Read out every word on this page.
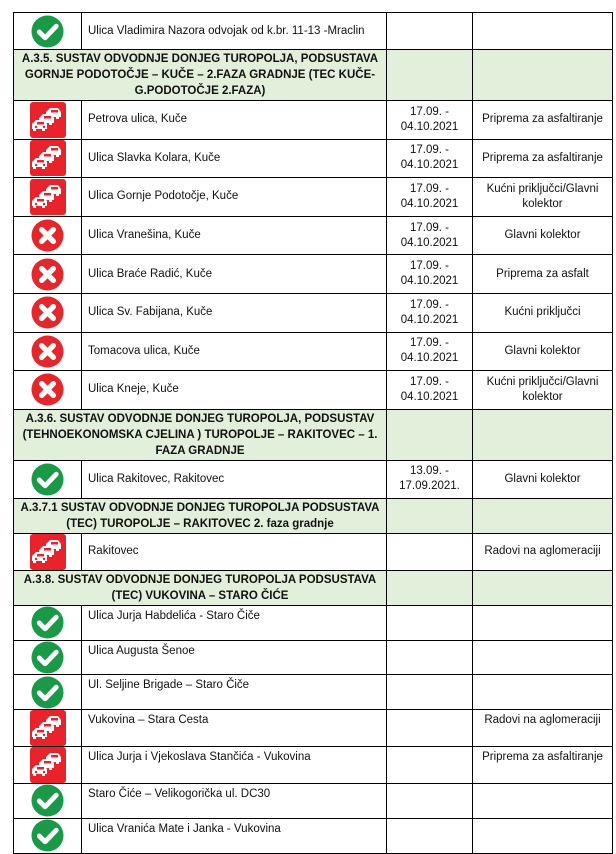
	Ulica Vladimira Nazora odvojak od k.br. 11-13 -Mraclin	

A.3.5. SUSTAV ODVODNJE DONJEG TUROPOLJA, PODSUSTAVA GORNJE PODOTOČJE – KUČE – 2.FAZA GRADNJE (TEC KUČE-G.PODOTOČJE 2.FAZA)			

	Petrova ulica, Kuče	17.09. -
04.10.2021	Priprema za asfaltiranje

	Ulica Slavka Kolara, Kuče	17.09. -
04.10.2021	Priprema za asfaltiranje

	Ulica Gornje Podotočje, Kuče	17.09. -
04.10.2021	Kućni priključci/Glavni kolektor

	Ulica Vranešina, Kuče	17.09. -
04.10.2021	Glavni kolektor

	Ulica Braće Radić, Kuče	17.09. -
04.10.2021	Priprema za asfalt

	Ulica Sv. Fabijana, Kuče	17.09. -
04.10.2021	Kućni priključci

	Tomacova ulica, Kuče	17.09. -
04.10.2021	Glavni kolektor

	Ulica Kneje, Kuče	17.09. -
04.10.2021	Kućni priključci/Glavni kolektor
A.3.6. SUSTAV ODVODNJE DONJEG TUROPOLJA, PODSUSTAV (TEHNOEKONOMSKA CJELINA ) TUROPOLJE – RAKITOVEC – 1. FAZA GRADNJE			

	Ulica Rakitovec, Rakitovec	13.09. -
17.09.2021.	Glavni kolektor
A.3.7.1 SUSTAV ODVODNJE DONJEG TUROPOLJA PODSUSTAVA (TEC) TUROPOLJE – RAKITOVEC 2. faza gradnje			

	Rakitovec		Radovi na aglomeraciji
A.3.8. SUSTAV ODVODNJE DONJEG TUROPOLJA PODSUSTAVA (TEC) VUKOVINA – STARO ČIĆE			

	Ulica Jurja Habdelića - Staro Čiče	

	Ulica Augusta Šenoe	

	Ul. Seljine Brigade – Staro Čiče	

	Vukovina – Stara Cesta		Radovi na aglomeraciji

	Ulica Jurja i Vjekoslava Stančića - Vukovina		Priprema za asfaltiranje

	Staro Čiće – Velikogorička ul. DC30	

	Ulica Vranića Mate i Janka - Vukovina	
